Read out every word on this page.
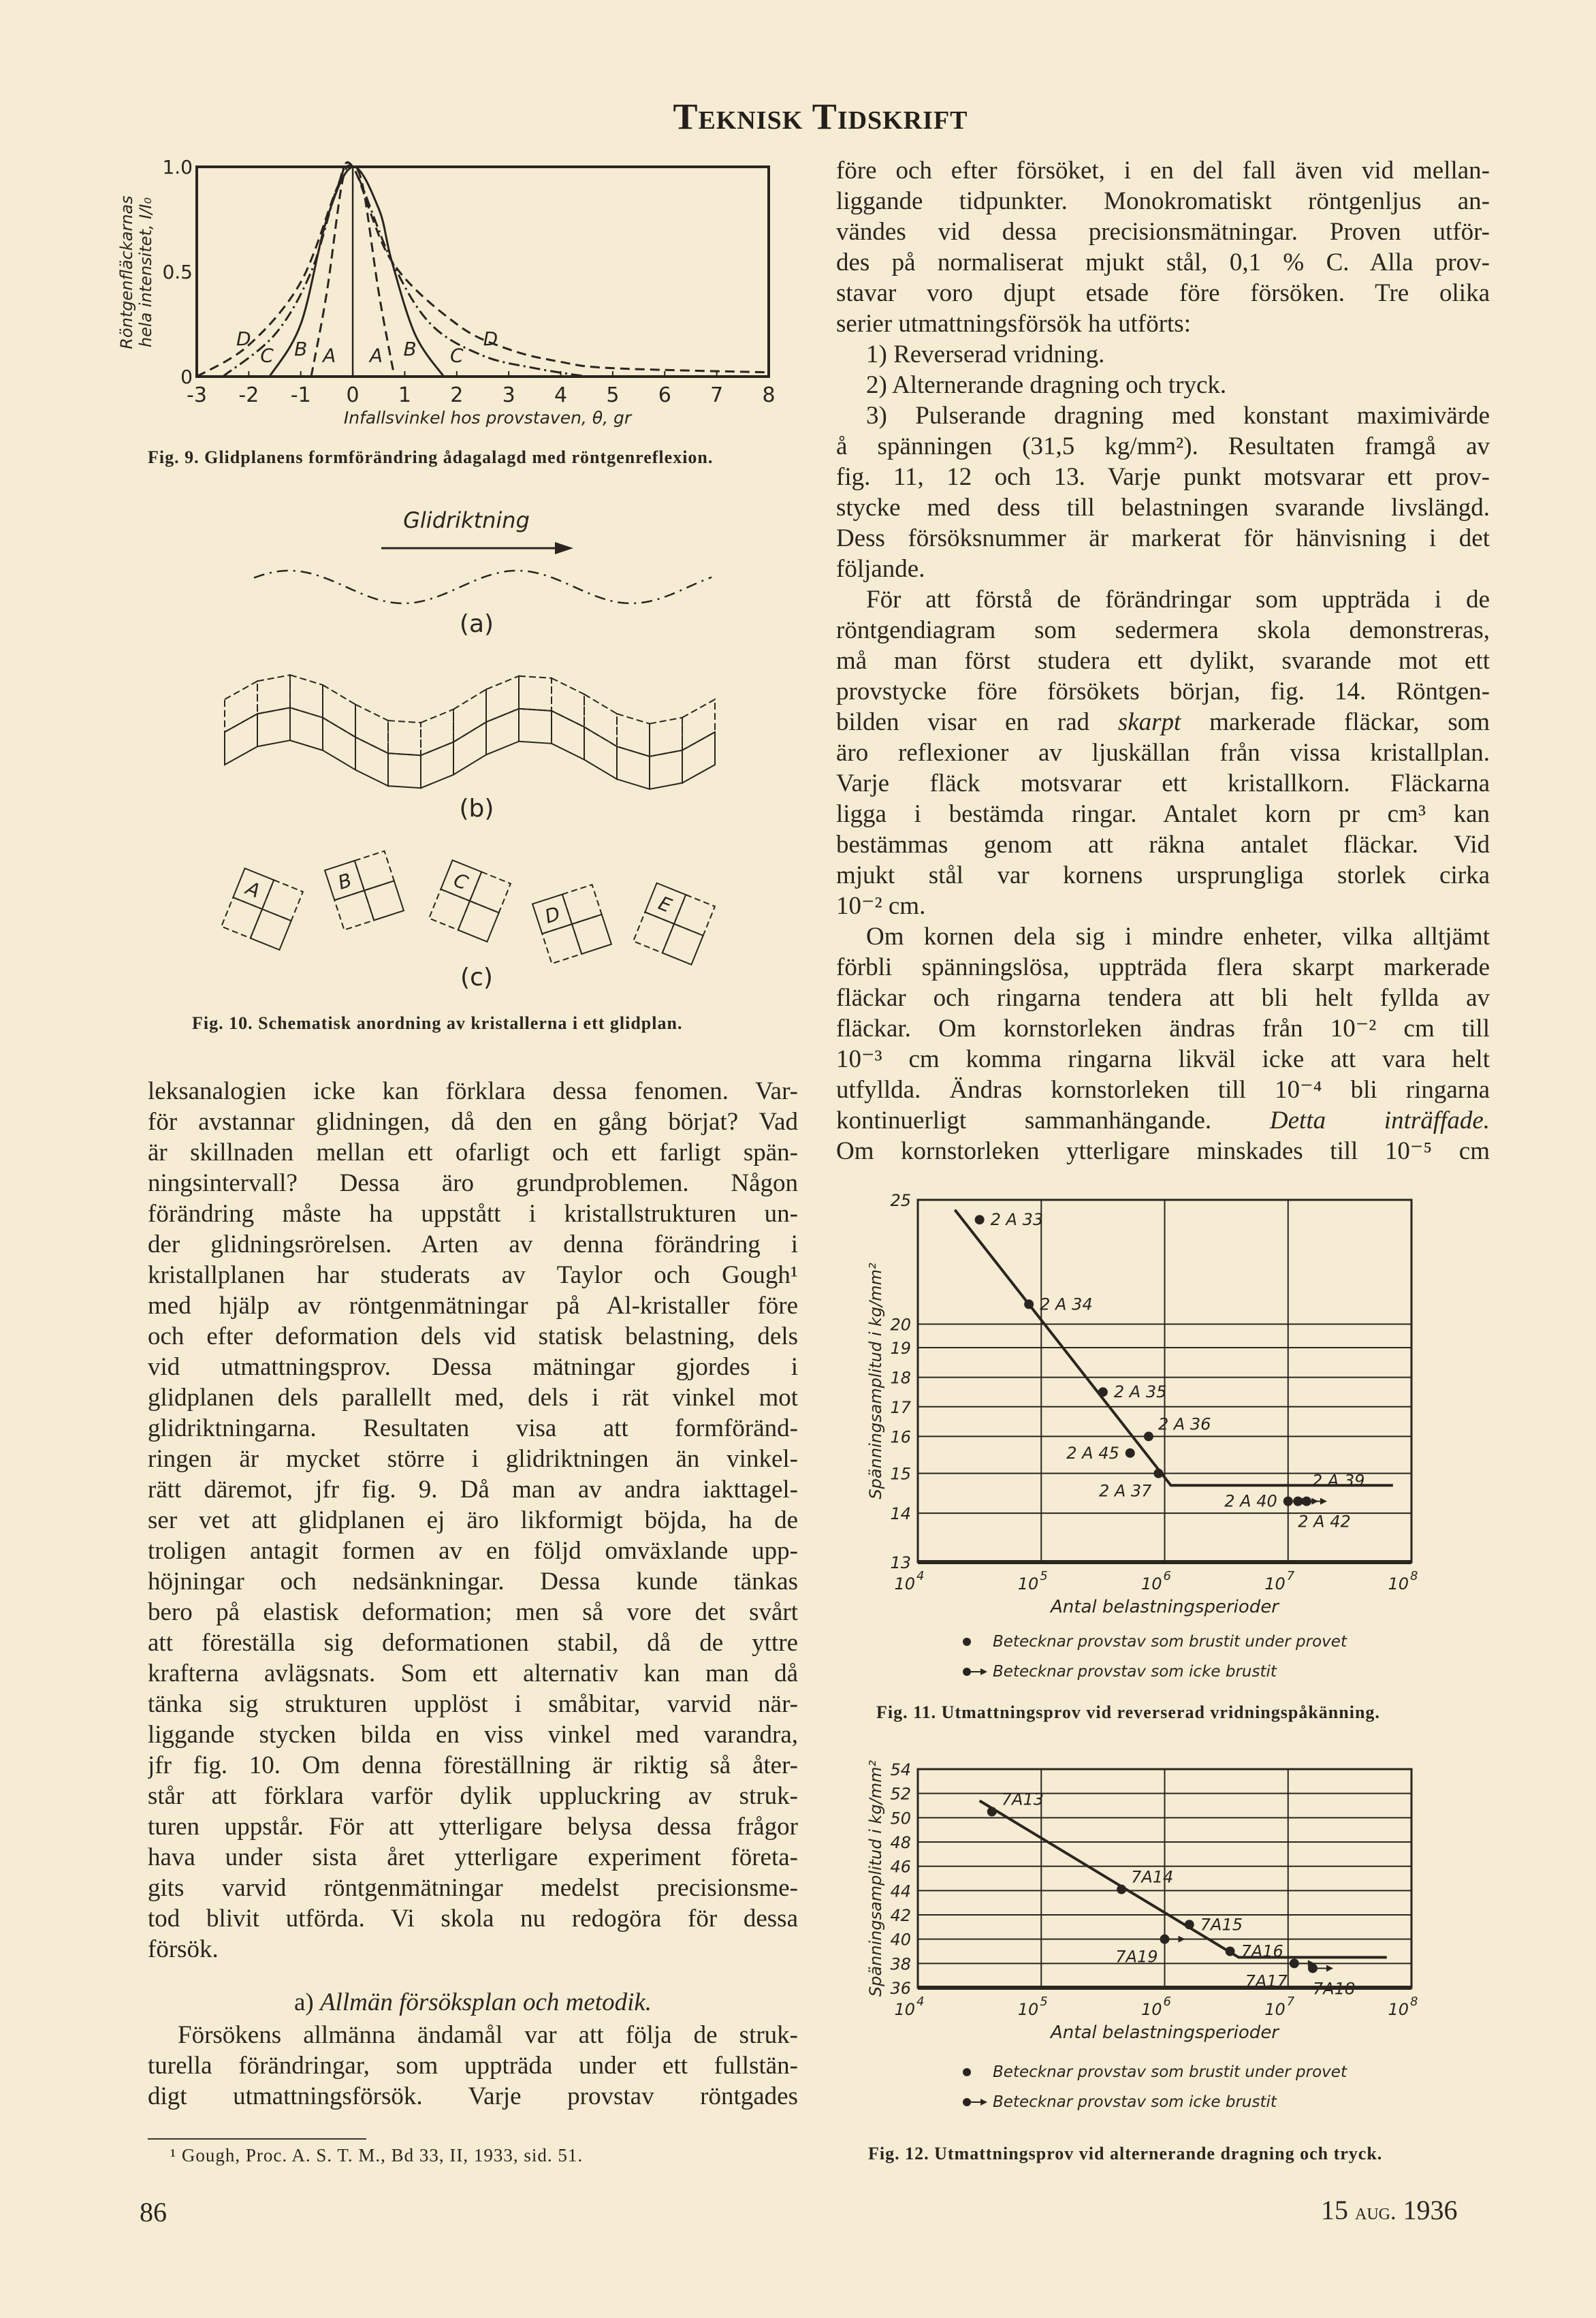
Teknisk Tidskrift
-3 -2 -1 0 1 2 3 4 5 6 7 8
0
0.5
1.0
Infallsvinkel hos provstaven, θ, gr
Röntgenfläckarnas hela intensitet, I/I₀
A A
B	B
C	C
D	D
Glidriktning
(a)
(b)
(c)
A	B	C
D	E
13
14
15
16
17
18
19
20
25
10 4	10 5	10 6	10 7	10 8
Antal belastningsperioder
Spänningsamplitud i kg/mm²
2 A 33
2 A 34
2 A 35
2 A 36
2 A 45
2 A 37
2 A 40
2 A 39
2 A 42
Betecknar provstav som brustit under provet
Betecknar provstav som icke brustit
36
38
40
42
44
46
48
50
52
54
10 4	10 5	10 6	10 7	10 8
Antal belastningsperioder
Spänningsamplitud i kg/mm²	7A13
7A14
7A15
7A19	7A16
7A17 7A18
Betecknar provstav som brustit under provet
Betecknar provstav som icke brustit
Fig. 9. Glidplanens formförändring ådagalagd med röntgenreflexion.
Fig. 10. Schematisk anordning av kristallerna i ett glidplan.
Fig. 11. Utmattningsprov vid reverserad vridningspåkänning.
Fig. 12. Utmattningsprov vid alternerande dragning och tryck.
leksanalogien icke kan förklara dessa fenomen. Var-
för avstannar glidningen, då den en gång börjat? Vad
är skillnaden mellan ett ofarligt och ett farligt spän-
ningsintervall? Dessa äro grundproblemen. Någon
förändring måste ha uppstått i kristallstrukturen un-
der glidningsrörelsen. Arten av denna förändring i
kristallplanen har studerats av Taylor och Gough¹
med hjälp av röntgenmätningar på Al-kristaller före
och efter deformation dels vid statisk belastning, dels
vid utmattningsprov. Dessa mätningar gjordes i
glidplanen dels parallellt med, dels i rät vinkel mot
glidriktningarna. Resultaten visa att formföränd-
ringen är mycket större i glidriktningen än vinkel-
rätt däremot, jfr fig. 9. Då man av andra iakttagel-
ser vet att glidplanen ej äro likformigt böjda, ha de
troligen antagit formen av en följd omväxlande upp-
höjningar och nedsänkningar. Dessa kunde tänkas
bero på elastisk deformation; men så vore det svårt
att föreställa sig deformationen stabil, då de yttre
krafterna avlägsnats. Som ett alternativ kan man då
tänka sig strukturen upplöst i småbitar, varvid när-
liggande stycken bilda en viss vinkel med varandra,
jfr fig. 10. Om denna föreställning är riktig så åter-
står att förklara varför dylik uppluckring av struk-
turen uppstår. För att ytterligare belysa dessa frågor
hava under sista året ytterligare experiment företa-
gits varvid röntgenmätningar medelst precisionsme-
tod blivit utförda. Vi skola nu redogöra för dessa
försök.
a) Allmän försöksplan och metodik.
Försökens allmänna ändamål var att följa de struk-
turella förändringar, som uppträda under ett fullstän-
digt utmattningsförsök. Varje provstav röntgades
före och efter försöket, i en del fall även vid mellan-
liggande tidpunkter. Monokromatiskt röntgenljus an-
vändes vid dessa precisionsmätningar. Proven utför-
des på normaliserat mjukt stål, 0,1 % C. Alla prov-
stavar voro djupt etsade före försöken. Tre olika
serier utmattningsförsök ha utförts:
1) Reverserad vridning.
2) Alternerande dragning och tryck.
3) Pulserande dragning med konstant maximivärde
å spänningen (31,5 kg/mm²). Resultaten framgå av
fig. 11, 12 och 13. Varje punkt motsvarar ett prov-
stycke med dess till belastningen svarande livslängd.
Dess försöksnummer är markerat för hänvisning i det
följande.
För att förstå de förändringar som uppträda i de
röntgendiagram som sedermera skola demonstreras,
må man först studera ett dylikt, svarande mot ett
provstycke före försökets början, fig. 14. Röntgen-
bilden visar en rad skarpt markerade fläckar, som
äro reflexioner av ljuskällan från vissa kristallplan.
Varje fläck motsvarar ett kristallkorn. Fläckarna
ligga i bestämda ringar. Antalet korn pr cm³ kan
bestämmas genom att räkna antalet fläckar. Vid
mjukt stål var kornens ursprungliga storlek cirka
10⁻² cm.
Om kornen dela sig i mindre enheter, vilka alltjämt
förbli spänningslösa, uppträda flera skarpt markerade
fläckar och ringarna tendera att bli helt fyllda av
fläckar. Om kornstorleken ändras från 10⁻² cm till
10⁻³ cm komma ringarna likväl icke att vara helt
utfyllda. Ändras kornstorleken till 10⁻⁴ bli ringarna
kontinuerligt sammanhängande. Detta inträffade.
Om kornstorleken ytterligare minskades till 10⁻⁵ cm
¹ Gough, Proc. A. S. T. M., Bd 33, II, 1933, sid. 51.
86	15 aug. 1936
